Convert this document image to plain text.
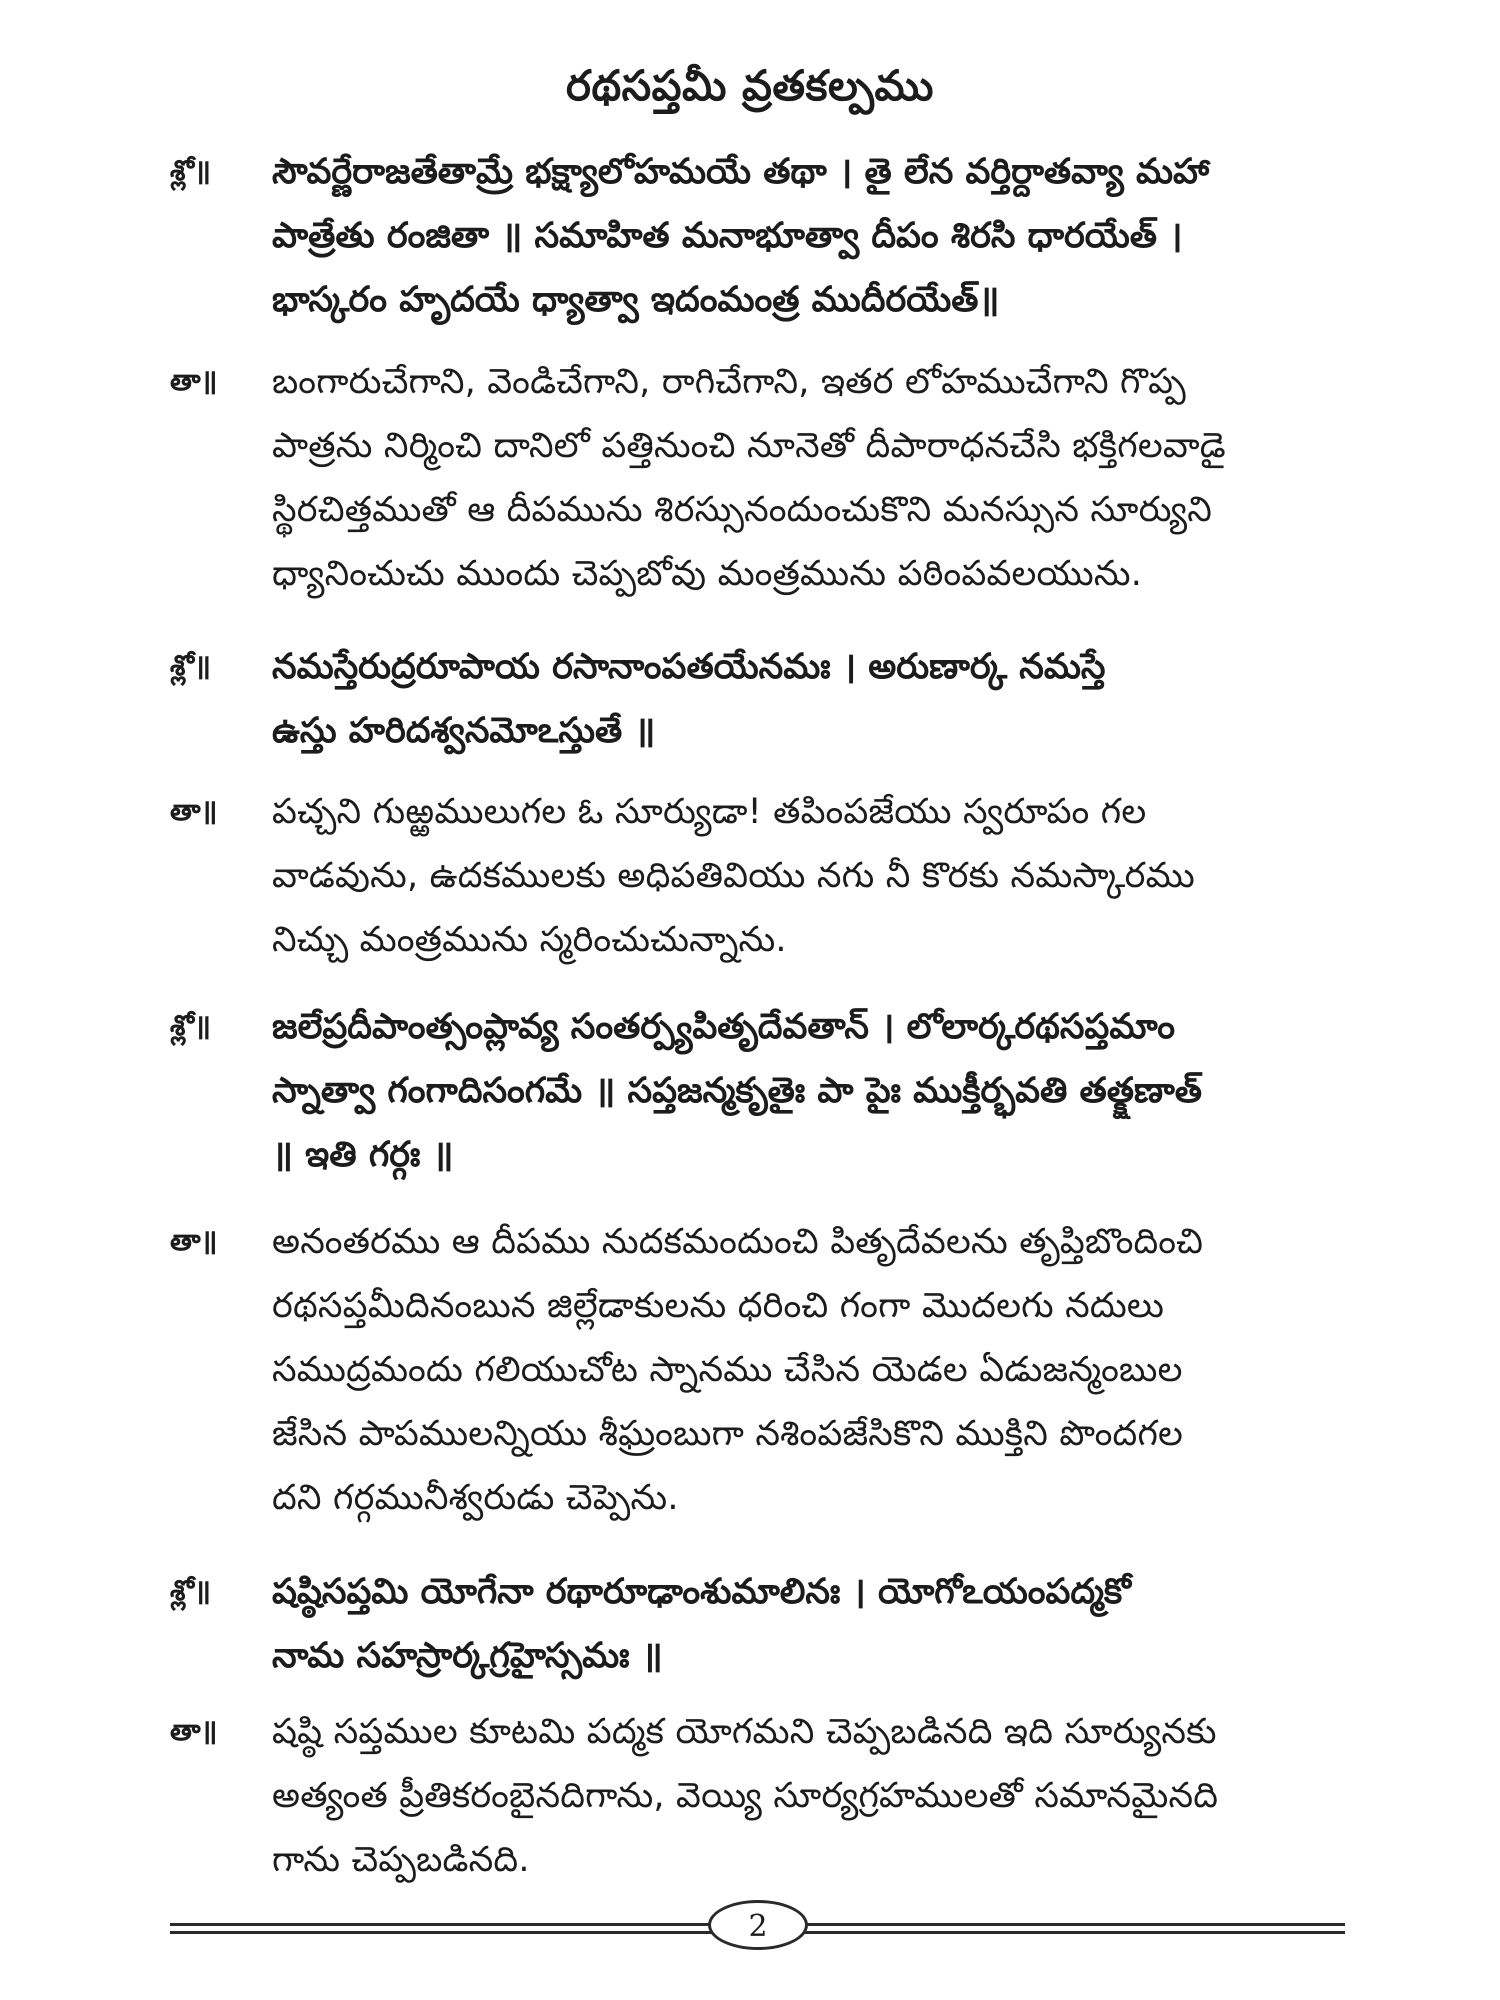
రథసప్తమీ వ్రతకల్పము
శ్లో॥	సౌవర్ణేరాజతేతామ్రే భక్ష్యాలోహమయే తథా । తై లేన వర్తిర్దాతవ్యా మహా
పాత్రేతు రంజితా ॥ సమాహిత మనాభూత్వా దీపం శిరసి ధారయేత్ ।
భాస్కరం హృదయే ధ్యాత్వా ఇదంమంత్ర ముదీరయేత్॥
తా॥	బంగారుచేగాని, వెండిచేగాని, రాగిచేగాని, ఇతర లోహముచేగాని గొప్ప
పాత్రను నిర్మించి దానిలో పత్తినుంచి నూనెతో దీపారాధనచేసి భక్తిగలవాడై
స్థిరచిత్తముతో ఆ దీపమును శిరస్సునందుంచుకొని మనస్సున సూర్యుని
ధ్యానించుచు ముందు చెప్పబోవు మంత్రమును పఠింపవలయును.
శ్లో॥	నమస్తేరుద్రరూపాయ రసానాంపతయేనమః । అరుణార్క నమస్తే
ఉస్తు హరిదశ్వనమోఽస్తుతే ॥
తా॥	పచ్చని గుఱ్ఱములుగల ఓ సూర్యుడా! తపింపజేయు స్వరూపం గల
వాడవును, ఉదకములకు అధిపతివియు నగు నీ కొరకు నమస్కారము
నిచ్చు మంత్రమును స్మరించుచున్నాను.
శ్లో॥	జలేప్రదీపాంత్సంప్లావ్య సంతర్ప్యపితృదేవతాన్ । లోలార్కరథసప్తమాం
స్నాత్వా గంగాదిసంగమే ॥ సప్తజన్మకృతైః పా పైః ముక్తీర్భవతి తత్క్షణాత్
॥ ఇతి గర్గః ॥
తా॥	అనంతరము ఆ దీపము నుదకమందుంచి పితృదేవలను తృప్తిబొందించి
రథసప్తమీదినంబున జిల్లేడాకులను ధరించి గంగా మొదలగు నదులు
సముద్రమందు గలియుచోట స్నానము చేసిన యెడల ఏడుజన్మంబుల
జేసిన పాపములన్నియు శీఘ్రంబుగా నశింపజేసికొని ముక్తిని పొందగల
దని గర్గమునీశ్వరుడు చెప్పెను.
శ్లో॥	షష్ఠిసప్తమి యోగేనా రథారూఢాంశుమాలినః । యోగోఽయంపద్మకో
నామ సహస్రార్కగ్రహైస్సమః ॥
తా॥	షష్ఠి సప్తముల కూటమి పద్మక యోగమని చెప్పబడినది ఇది సూర్యునకు
అత్యంత ప్రీతికరంబైనదిగాను, వెయ్యి సూర్యగ్రహములతో సమానమైనది
గాను చెప్పబడినది.
2
